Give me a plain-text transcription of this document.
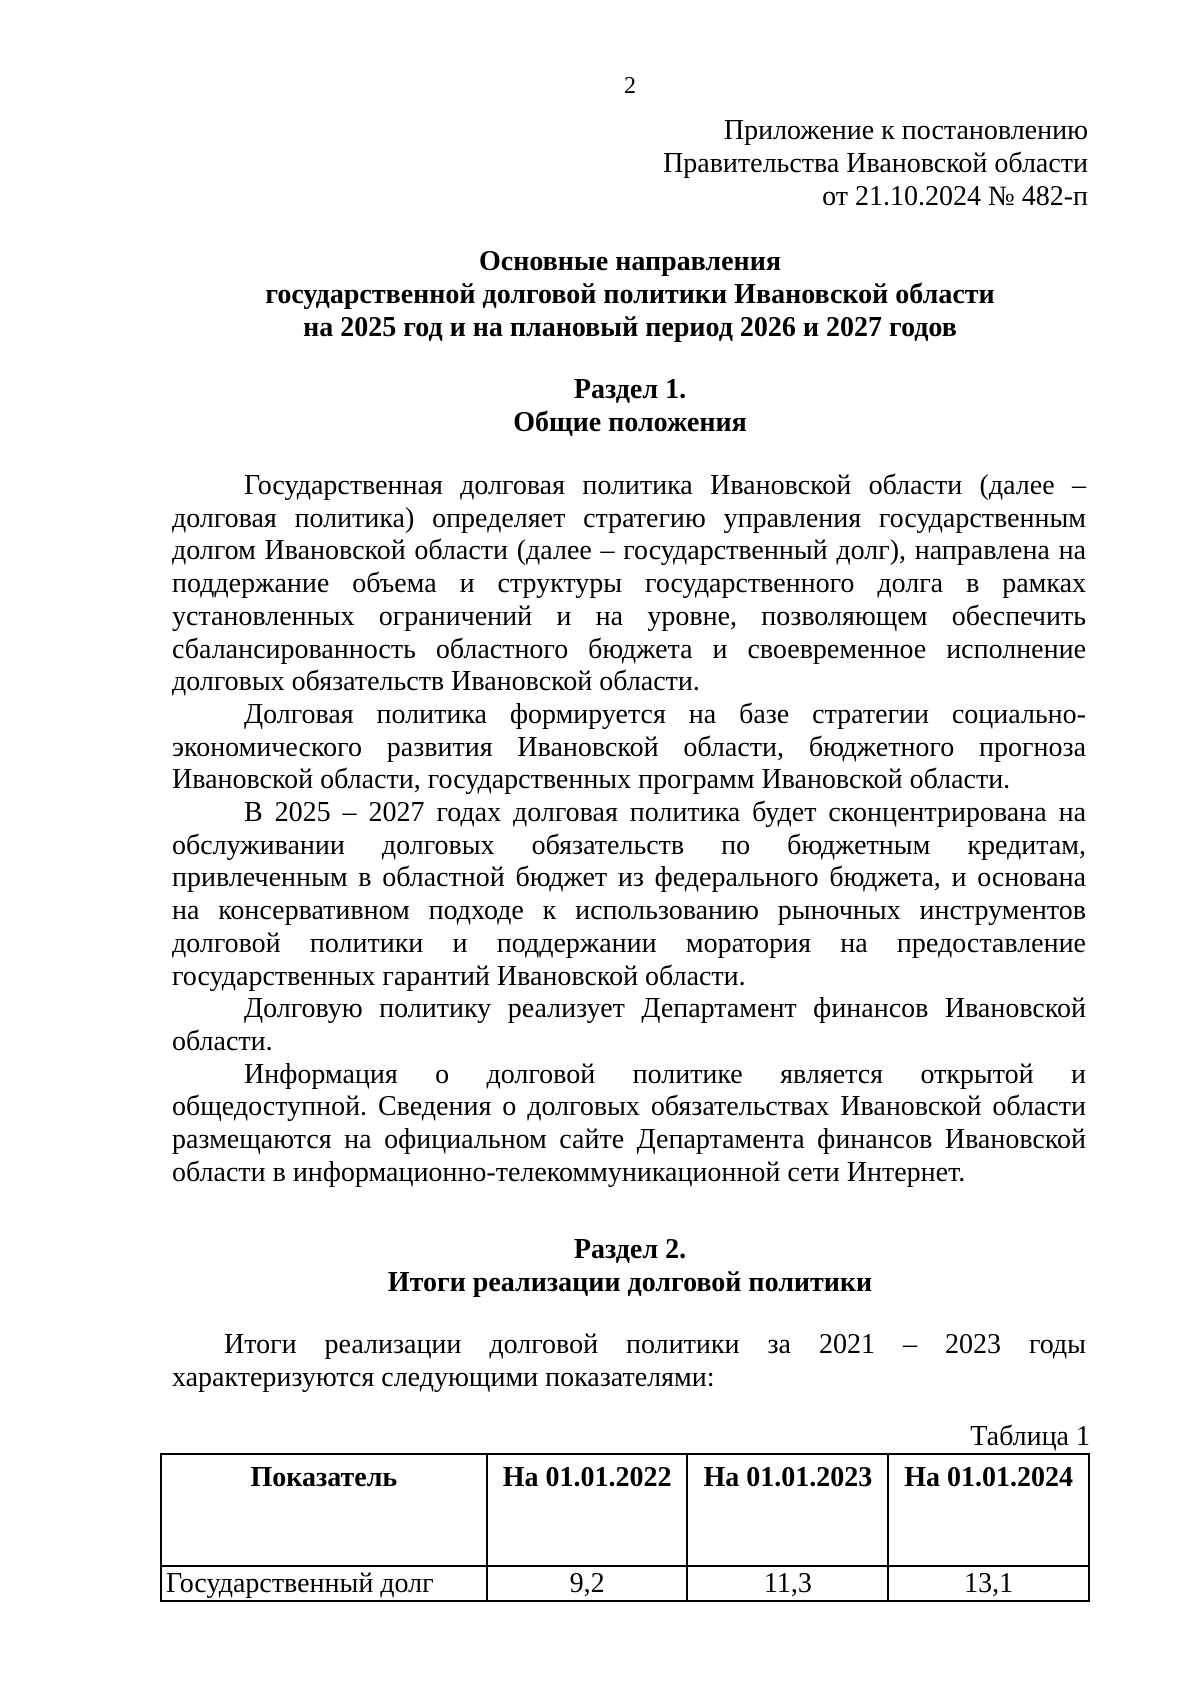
2
Приложение к постановлению
Правительства Ивановской области
от 21.10.2024 № 482-п
Основные направления
государственной долговой политики Ивановской области
на 2025 год и на плановый период 2026 и 2027 годов
Раздел 1.
Общие положения

Государственная долговая политика Ивановской области (далее – долговая политика) определяет стратегию управления государственным долгом Ивановской области (далее – государственный долг), направлена на поддержание объема и структуры государственного долга в рамках установленных ограничений и на уровне, позволяющем обеспечить сбалансированность областного бюджета и своевременное исполнение долговых обязательств Ивановской области.

Долговая политика формируется на базе стратегии социально-экономического развития Ивановской области, бюджетного прогноза Ивановской области, государственных программ Ивановской области.

В 2025 – 2027 годах долговая политика будет сконцентрирована на обслуживании долговых обязательств по бюджетным кредитам, привлеченным в областной бюджет из федерального бюджета, и основана на консервативном подходе к использованию рыночных инструментов долговой политики и поддержании моратория на предоставление государственных гарантий Ивановской области.

Долговую политику реализует Департамент финансов Ивановской области.

Информация о долговой политике является открытой и общедоступной. Сведения о долговых обязательствах Ивановской области размещаются на официальном сайте Департамента финансов Ивановской области в информационно-телекоммуникационной сети Интернет.

Раздел 2.
Итоги реализации долговой политики

Итоги реализации долговой политики за 2021 – 2023 годы характеризуются следующими показателями:

Таблица 1
Показатель	На 01.01.2022	На 01.01.2023	На 01.01.2024
Государственный долг	9,2	11,3	13,1
